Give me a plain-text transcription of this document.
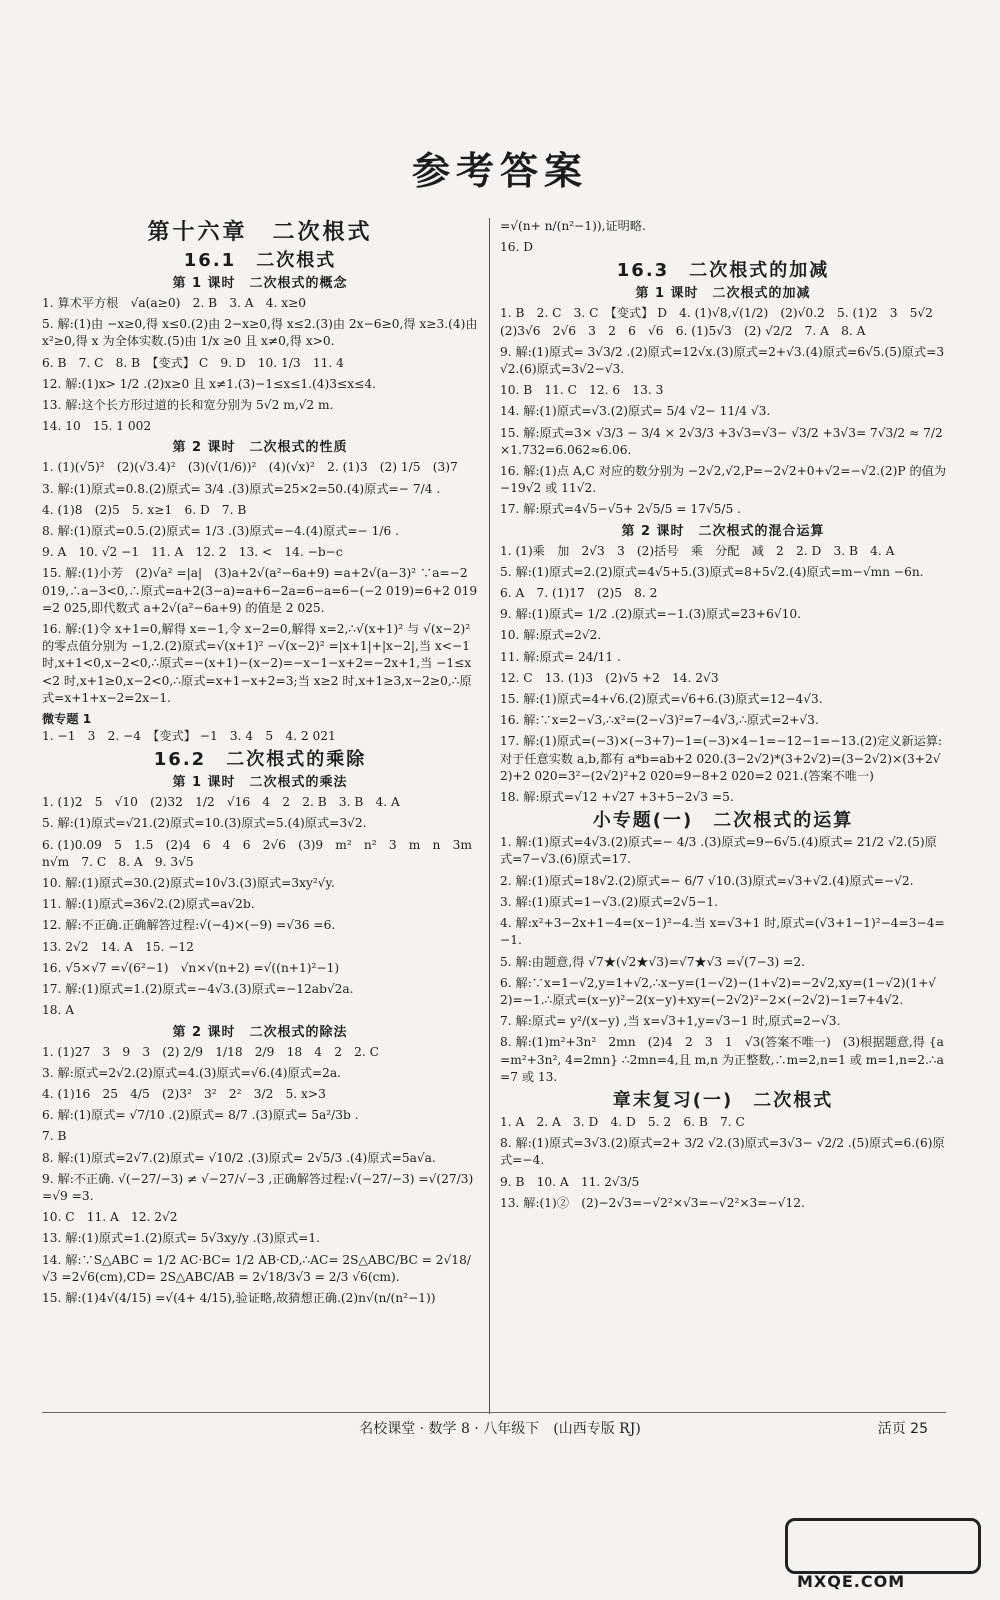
参考答案
第十六章　二次根式
16.1　二次根式
第 1 课时　二次根式的概念
1. 算术平方根　√a(a≥0)　2. B　3. A　4. x≥0
5. 解:(1)由 −x≥0,得 x≤0.(2)由 2−x≥0,得 x≤2.(3)由 2x−6≥0,得 x≥3.(4)由 x²≥0,得 x 为全体实数.(5)由 1/x ≥0 且 x≠0,得 x>0.
6. B　7. C　8. B　【变式】 C　9. D　10. 1/3　11. 4
12. 解:(1)x> 1/2 .(2)x≥0 且 x≠1.(3)−1≤x≤1.(4)3≤x≤4.
13. 解:这个长方形过道的长和宽分别为 5√2 m,√2 m.
14. 10　15. 1 002
第 2 课时　二次根式的性质
1. (1)(√5)²　(2)(√3.4)²　(3)(√(1/6))²　(4)(√x)²　2. (1)3　(2) 1/5　(3)7
3. 解:(1)原式=0.8.(2)原式= 3/4 .(3)原式=25×2=50.(4)原式=− 7/4 .
4. (1)8　(2)5　5. x≥1　6. D　7. B
8. 解:(1)原式=0.5.(2)原式= 1/3 .(3)原式=−4.(4)原式=− 1/6 .
9. A　10. √2 −1　11. A　12. 2　13. <　14. −b−c
15. 解:(1)小芳　(2)√a² =|a|　(3)a+2√(a²−6a+9) =a+2√(a−3)² ∵a=−2 019,∴a−3<0,∴原式=a+2(3−a)=a+6−2a=6−a=6−(−2 019)=6+2 019=2 025,即代数式 a+2√(a²−6a+9) 的值是 2 025.
16. 解:(1)令 x+1=0,解得 x=−1,令 x−2=0,解得 x=2,∴√(x+1)² 与 √(x−2)² 的零点值分别为 −1,2.(2)原式=√(x+1)² −√(x−2)² =|x+1|+|x−2|,当 x<−1 时,x+1<0,x−2<0,∴原式=−(x+1)−(x−2)=−x−1−x+2=−2x+1,当 −1≤x<2 时,x+1≥0,x−2<0,∴原式=x+1−x+2=3;当 x≥2 时,x+1≥3,x−2≥0,∴原式=x+1+x−2=2x−1.
微专题 1
1. −1　3　2. −4　【变式】 −1　3. 4　5　4. 2 021
16.2　二次根式的乘除
第 1 课时　二次根式的乘法
1. (1)2　5　√10　(2)32　1/2　√16　4　2　2. B　3. B　4. A
5. 解:(1)原式=√21.(2)原式=10.(3)原式=5.(4)原式=3√2.
6. (1)0.09　5　1.5　(2)4　6　4　6　2√6　(3)9　m²　n²　3　m　n　3mn√m　7. C　8. A　9. 3√5
10. 解:(1)原式=30.(2)原式=10√3.(3)原式=3xy²√y.
11. 解:(1)原式=36√2.(2)原式=a√2b.
12. 解:不正确.正确解答过程:√(−4)×(−9) =√36 =6.
13. 2√2　14. A　15. −12
16. √5×√7 =√(6²−1)　√n×√(n+2) =√((n+1)²−1)
17. 解:(1)原式=1.(2)原式=−4√3.(3)原式=−12ab√2a.
18. A
第 2 课时　二次根式的除法
1. (1)27　3　9　3　(2) 2/9　1/18　2/9　18　4　2　2. C
3. 解:原式=2√2.(2)原式=4.(3)原式=√6.(4)原式=2a.
4. (1)16　25　4/5　(2)3²　3²　2²　3/2　5. x>3
6. 解:(1)原式= √7/10 .(2)原式= 8/7 .(3)原式= 5a²/3b .
7. B
8. 解:(1)原式=2√7.(2)原式= √10/2 .(3)原式= 2√5/3 .(4)原式=5a√a.
9. 解:不正确. √(−27/−3) ≠ √−27/√−3 ,正确解答过程:√(−27/−3) =√(27/3) =√9 =3.
10. C　11. A　12. 2√2
13. 解:(1)原式=1.(2)原式= 5√3xy/y .(3)原式=1.
14. 解:∵S△ABC = 1/2 AC·BC= 1/2 AB·CD,∴AC= 2S△ABC/BC = 2√18/√3 =2√6(cm),CD= 2S△ABC/AB = 2√18/3√3 = 2/3 √6(cm).
15. 解:(1)4√(4/15) =√(4+ 4/15),验证略,故猜想正确.(2)n√(n/(n²−1))
=√(n+ n/(n²−1)),证明略.
16. D
16.3　二次根式的加减
第 1 课时　二次根式的加减
1. B　2. C　3. C　【变式】 D　4. (1)√8,√(1/2)　(2)√0.2　5. (1)2　3　5√2　(2)3√6　2√6　3　2　6　√6　6. (1)5√3　(2) √2/2　7. A　8. A
9. 解:(1)原式= 3√3/2 .(2)原式=12√x.(3)原式=2+√3.(4)原式=6√5.(5)原式=3√2.(6)原式=3√2−√3.
10. B　11. C　12. 6　13. 3
14. 解:(1)原式=√3.(2)原式= 5/4 √2− 11/4 √3.
15. 解:原式=3× √3/3 − 3/4 × 2√3/3 +3√3=√3− √3/2 +3√3= 7√3/2 ≈ 7/2 ×1.732=6.062≈6.06.
16. 解:(1)点 A,C 对应的数分别为 −2√2,√2,P=−2√2+0+√2=−√2.(2)P 的值为 −19√2 或 11√2.
17. 解:原式=4√5−√5+ 2√5/5 = 17√5/5 .
第 2 课时　二次根式的混合运算
1. (1)乘　加　2√3　3　(2)括号　乘　分配　减　2　2. D　3. B　4. A
5. 解:(1)原式=2.(2)原式=4√5+5.(3)原式=8+5√2.(4)原式=m−√mn −6n.
6. A　7. (1)17　(2)5　8. 2
9. 解:(1)原式= 1/2 .(2)原式=−1.(3)原式=23+6√10.
10. 解:原式=2√2.
11. 解:原式= 24/11 .
12. C　13. (1)3　(2)√5 +2　14. 2√3
15. 解:(1)原式=4+√6.(2)原式=√6+6.(3)原式=12−4√3.
16. 解:∵x=2−√3,∴x²=(2−√3)²=7−4√3,∴原式=2+√3.
17. 解:(1)原式=(−3)×(−3+7)−1=(−3)×4−1=−12−1=−13.(2)定义新运算:对于任意实数 a,b,都有 a*b=ab+2 020.(3−2√2)*(3+2√2)=(3−2√2)×(3+2√2)+2 020=3²−(2√2)²+2 020=9−8+2 020=2 021.(答案不唯一)
18. 解:原式=√12 +√27 +3+5−2√3 =5.
小专题(一)　二次根式的运算
1. 解:(1)原式=4√3.(2)原式=− 4/3 .(3)原式=9−6√5.(4)原式= 21/2 √2.(5)原式=7−√3.(6)原式=17.
2. 解:(1)原式=18√2.(2)原式=− 6/7 √10.(3)原式=√3+√2.(4)原式=−√2.
3. 解:(1)原式=1−√3.(2)原式=2√5−1.
4. 解:x²+3−2x+1−4=(x−1)²−4.当 x=√3+1 时,原式=(√3+1−1)²−4=3−4=−1.
5. 解:由题意,得 √7★(√2★√3)=√7★√3 =√(7−3) =2.
6. 解:∵x=1−√2,y=1+√2,∴x−y=(1−√2)−(1+√2)=−2√2,xy=(1−√2)(1+√2)=−1.∴原式=(x−y)²−2(x−y)+xy=(−2√2)²−2×(−2√2)−1=7+4√2.
7. 解:原式= y²/(x−y) ,当 x=√3+1,y=√3−1 时,原式=2−√3.
8. 解:(1)m²+3n²　2mn　(2)4　2　3　1　√3(答案不唯一)　(3)根据题意,得 {a=m²+3n², 4=2mn} ∴2mn=4,且 m,n 为正整数,∴m=2,n=1 或 m=1,n=2.∴a=7 或 13.
章末复习(一)　二次根式
1. A　2. A　3. D　4. D　5. 2　6. B　7. C
8. 解:(1)原式=3√3.(2)原式=2+ 3/2 √2.(3)原式=3√3− √2/2 .(5)原式=6.(6)原式=−4.
9. B　10. A　11. 2√3/5
13. 解:(1)②　(2)−2√3=−√2²×√3=−√2²×3=−√12.
名校课堂 · 数学 8 · 八年级下　(山西专版 RJ)	活页 25
MXQE.COM
